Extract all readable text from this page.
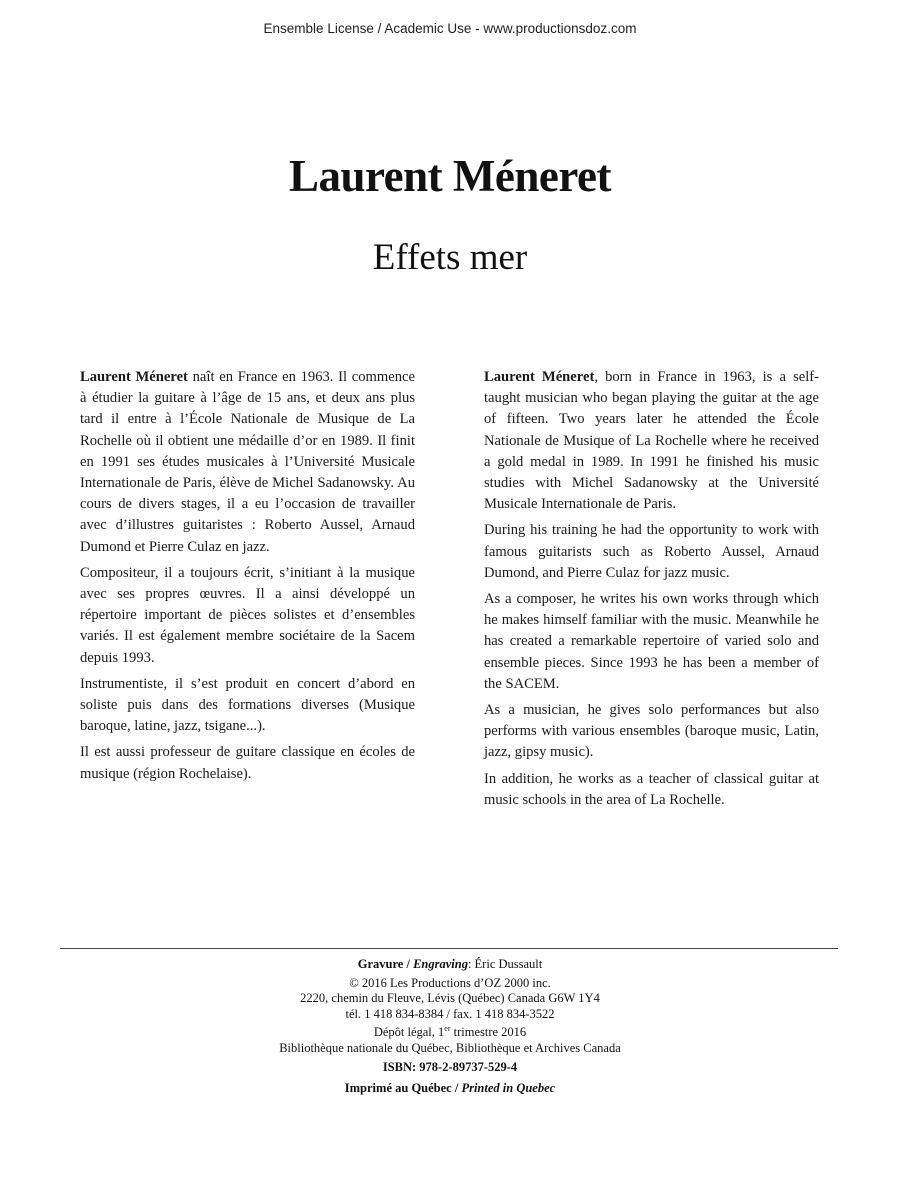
Ensemble License / Academic Use - www.productionsdoz.com
Laurent Méneret
Effets mer

Laurent Méneret naît en France en 1963. Il commence à étudier la guitare à l’âge de 15 ans, et deux ans plus tard il entre à l’École Nationale de Musique de La Rochelle où il obtient une médaille d’or en 1989. Il finit en 1991 ses études musicales à l’Université Musicale Internationale de Paris, élève de Michel Sadanowsky. Au cours de divers stages, il a eu l’occasion de travailler avec d’illustres guitaristes : Roberto Aussel, Arnaud Dumond et Pierre Culaz en jazz.

Compositeur, il a toujours écrit, s’initiant à la musique avec ses propres œuvres. Il a ainsi développé un répertoire important de pièces solistes et d’ensembles variés. Il est également membre sociétaire de la Sacem depuis 1993.

Instrumentiste, il s’est produit en concert d’abord en soliste puis dans des formations diverses (Musique baroque, latine, jazz, tsigane...).

Il est aussi professeur de guitare classique en écoles de musique (région Rochelaise).

Laurent Méneret, born in France in 1963, is a self-taught musician who began playing the guitar at the age of fifteen. Two years later he attended the École Nationale de Musique of La Rochelle where he received a gold medal in 1989. In 1991 he finished his music studies with Michel Sadanowsky at the Université Musicale Internationale de Paris.

During his training he had the opportunity to work with famous guitarists such as Roberto Aussel, Arnaud Dumond, and Pierre Culaz for jazz music.

As a composer, he writes his own works through which he makes himself familiar with the music. Meanwhile he has created a remarkable repertoire of varied solo and ensemble pieces. Since 1993 he has been a member of the SACEM.

As a musician, he gives solo performances but also performs with various ensembles (baroque music, Latin, jazz, gipsy music).

In addition, he works as a teacher of classical guitar at music schools in the area of La Rochelle.

Gravure / Engraving: Éric Dussault
© 2016 Les Productions d’OZ 2000 inc.
2220, chemin du Fleuve, Lévis (Québec) Canada G6W 1Y4
tél. 1 418 834-8384 / fax. 1 418 834-3522
Dépôt légal, 1er trimestre 2016
Bibliothèque nationale du Québec, Bibliothèque et Archives Canada
ISBN: 978-2-89737-529-4
Imprimé au Québec / Printed in Quebec
